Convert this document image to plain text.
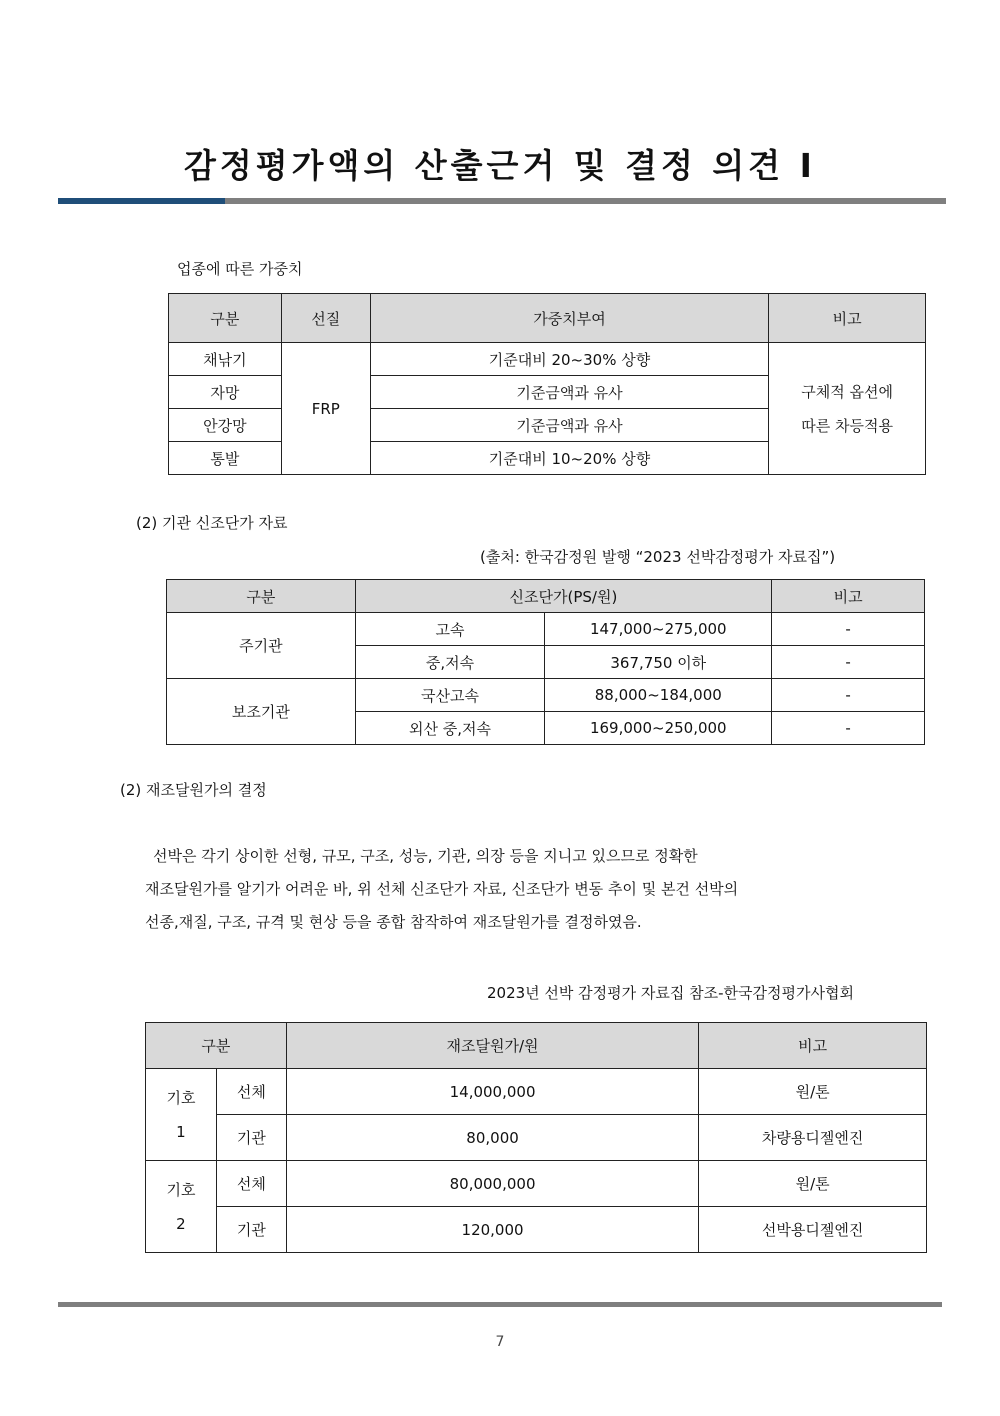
감정평가액의 산출근거 및 결정 의견 I
업종에 따른 가중치
구분	선질	가중치부여	비고
채낚기	FRP	기준대비 20~30% 상향	구체적 옵션에
따른 차등적용

자망		기준금액과 유사	
안강망		기준금액과 유사	
통발		기준대비 10~20% 상향	
(2) 기관 신조단가 자료
(출처: 한국감정원 발행 “2023 선박감정평가 자료집”)
구분	신조단가(PS/원)		비고
주기관	고속	147,000~275,000	-
	중,저속	367,750 이하	-
보조기관	국산고속	88,000~184,000	-
	외산 중,저속	169,000~250,000	-
(2) 재조달원가의 결정

선박은 각기 상이한 선형, 규모, 구조, 성능, 기관, 의장 등을 지니고 있으므로 정확한

재조달원가를 알기가 어려운 바, 위 선체 신조단가 자료, 신조단가 변동 추이 및 본건 선박의

선종,재질, 구조, 규격 및 현상 등을 종합 참작하여 재조달원가를 결정하였음.

2023년 선박 감정평가 자료집 참조-한국감정평가사협회
구분		재조달원가/원	비고

기호
1	선체	14,000,000	원/톤
	기관	80,000	차량용디젤엔진

기호
2	선체	80,000,000	원/톤
	기관	120,000	선박용디젤엔진
7
